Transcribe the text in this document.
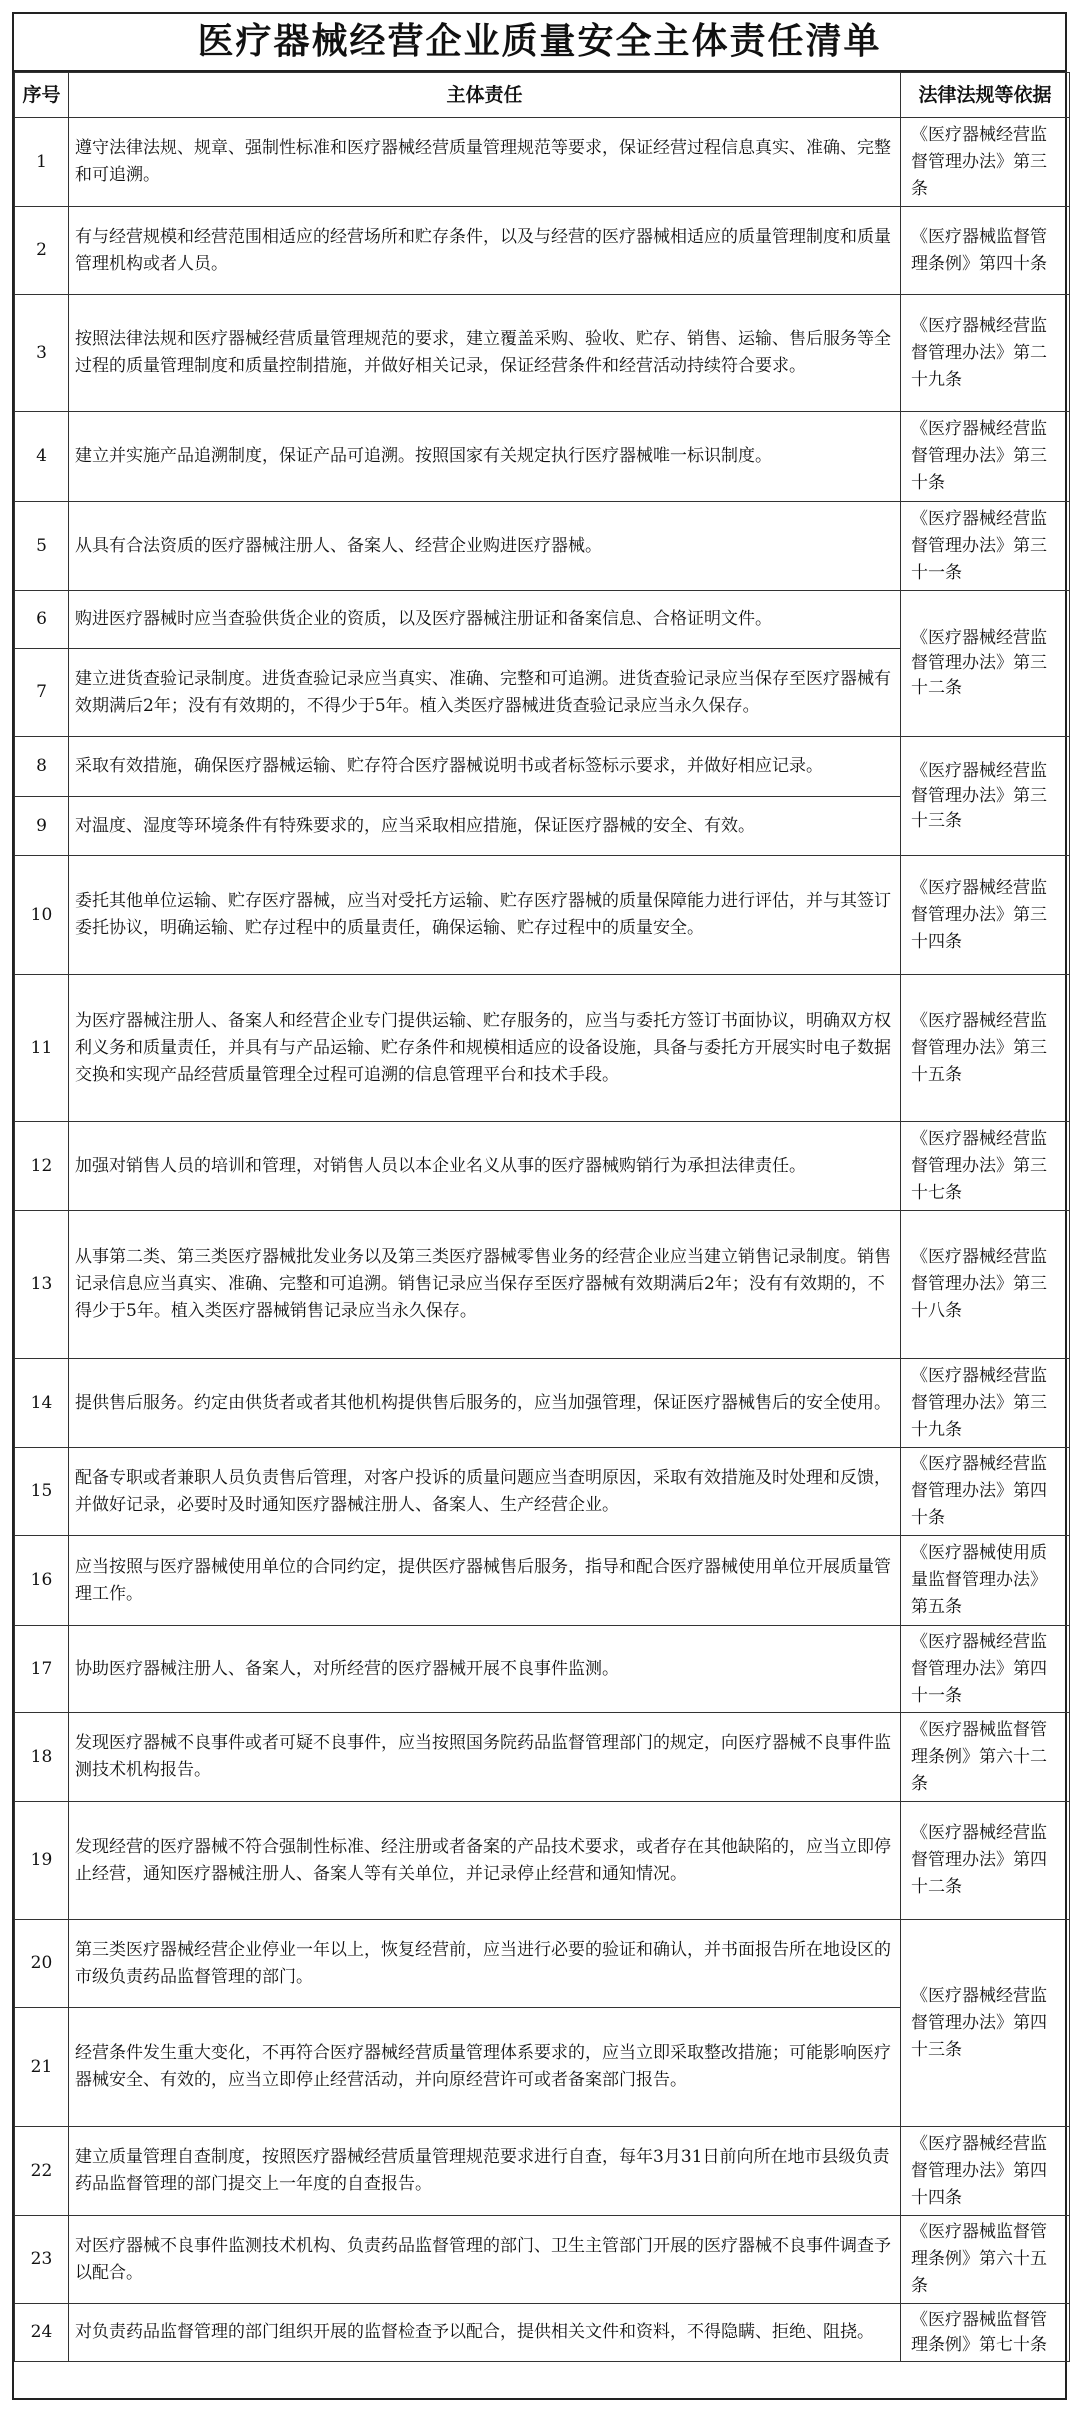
医疗器械经营企业质量安全主体责任清单
序号	主体责任	法律法规等依据
1	遵守法律法规、规章、强制性标准和医疗器械经营质量管理规范等要求，保证经营过程信息真实、准确、完整和可追溯。	《医疗器械经营监督管理办法》第三条
2	有与经营规模和经营范围相适应的经营场所和贮存条件，以及与经营的医疗器械相适应的质量管理制度和质量管理机构或者人员。	《医疗器械监督管理条例》第四十条
3	按照法律法规和医疗器械经营质量管理规范的要求，建立覆盖采购、验收、贮存、销售、运输、售后服务等全过程的质量管理制度和质量控制措施，并做好相关记录，保证经营条件和经营活动持续符合要求。	《医疗器械经营监督管理办法》第二十九条
4	建立并实施产品追溯制度，保证产品可追溯。按照国家有关规定执行医疗器械唯一标识制度。	《医疗器械经营监督管理办法》第三十条
5	从具有合法资质的医疗器械注册人、备案人、经营企业购进医疗器械。	《医疗器械经营监督管理办法》第三十一条
6	购进医疗器械时应当查验供货企业的资质，以及医疗器械注册证和备案信息、合格证明文件。	《医疗器械经营监督管理办法》第三十二条
7	建立进货查验记录制度。进货查验记录应当真实、准确、完整和可追溯。进货查验记录应当保存至医疗器械有效期满后2年；没有有效期的，不得少于5年。植入类医疗器械进货查验记录应当永久保存。	
8	采取有效措施，确保医疗器械运输、贮存符合医疗器械说明书或者标签标示要求，并做好相应记录。	《医疗器械经营监督管理办法》第三十三条
9	对温度、湿度等环境条件有特殊要求的，应当采取相应措施，保证医疗器械的安全、有效。	
10	委托其他单位运输、贮存医疗器械，应当对受托方运输、贮存医疗器械的质量保障能力进行评估，并与其签订委托协议，明确运输、贮存过程中的质量责任，确保运输、贮存过程中的质量安全。	《医疗器械经营监督管理办法》第三十四条
11	为医疗器械注册人、备案人和经营企业专门提供运输、贮存服务的，应当与委托方签订书面协议，明确双方权利义务和质量责任，并具有与产品运输、贮存条件和规模相适应的设备设施，具备与委托方开展实时电子数据交换和实现产品经营质量管理全过程可追溯的信息管理平台和技术手段。	《医疗器械经营监督管理办法》第三十五条
12	加强对销售人员的培训和管理，对销售人员以本企业名义从事的医疗器械购销行为承担法律责任。	《医疗器械经营监督管理办法》第三十七条
13	从事第二类、第三类医疗器械批发业务以及第三类医疗器械零售业务的经营企业应当建立销售记录制度。销售记录信息应当真实、准确、完整和可追溯。销售记录应当保存至医疗器械有效期满后2年；没有有效期的，不得少于5年。植入类医疗器械销售记录应当永久保存。	《医疗器械经营监督管理办法》第三十八条
14	提供售后服务。约定由供货者或者其他机构提供售后服务的，应当加强管理，保证医疗器械售后的安全使用。	《医疗器械经营监督管理办法》第三十九条
15	配备专职或者兼职人员负责售后管理，对客户投诉的质量问题应当查明原因，采取有效措施及时处理和反馈，并做好记录，必要时及时通知医疗器械注册人、备案人、生产经营企业。	《医疗器械经营监督管理办法》第四十条
16	应当按照与医疗器械使用单位的合同约定，提供医疗器械售后服务，指导和配合医疗器械使用单位开展质量管理工作。	《医疗器械使用质量监督管理办法》第五条
17	协助医疗器械注册人、备案人，对所经营的医疗器械开展不良事件监测。	《医疗器械经营监督管理办法》第四十一条
18	发现医疗器械不良事件或者可疑不良事件，应当按照国务院药品监督管理部门的规定，向医疗器械不良事件监测技术机构报告。	《医疗器械监督管理条例》第六十二条
19	发现经营的医疗器械不符合强制性标准、经注册或者备案的产品技术要求，或者存在其他缺陷的，应当立即停止经营，通知医疗器械注册人、备案人等有关单位，并记录停止经营和通知情况。	《医疗器械经营监督管理办法》第四十二条
20	第三类医疗器械经营企业停业一年以上，恢复经营前，应当进行必要的验证和确认，并书面报告所在地设区的市级负责药品监督管理的部门。	《医疗器械经营监督管理办法》第四十三条
21	经营条件发生重大变化，不再符合医疗器械经营质量管理体系要求的，应当立即采取整改措施；可能影响医疗器械安全、有效的，应当立即停止经营活动，并向原经营许可或者备案部门报告。	
22	建立质量管理自查制度，按照医疗器械经营质量管理规范要求进行自查，每年3月31日前向所在地市县级负责药品监督管理的部门提交上一年度的自查报告。	《医疗器械经营监督管理办法》第四十四条
23	对医疗器械不良事件监测技术机构、负责药品监督管理的部门、卫生主管部门开展的医疗器械不良事件调查予以配合。	《医疗器械监督管理条例》第六十五条
24	对负责药品监督管理的部门组织开展的监督检查予以配合，提供相关文件和资料，不得隐瞒、拒绝、阻挠。	《医疗器械监督管理条例》第七十条
